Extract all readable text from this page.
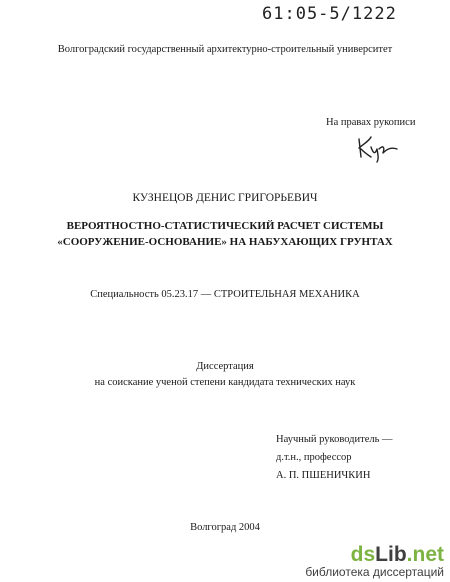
61:05-5/1222
Волгоградский государственный архитектурно-строительный университет
На правах рукописи
КУЗНЕЦОВ ДЕНИС ГРИГОРЬЕВИЧ
ВЕРОЯТНОСТНО-СТАТИСТИЧЕСКИЙ РАСЧЕТ СИСТЕМЫ
«СООРУЖЕНИЕ-ОСНОВАНИЕ» НА НАБУХАЮЩИХ ГРУНТАХ
Специальность 05.23.17 — СТРОИТЕЛЬНАЯ МЕХАНИКА
Диссертация
на соискание ученой степени кандидата технических наук
Научный руководитель —
д.т.н., профессор
А. П. ПШЕНИЧКИН
Волгоград 2004
dsLib.net
библиотека диссертаций
